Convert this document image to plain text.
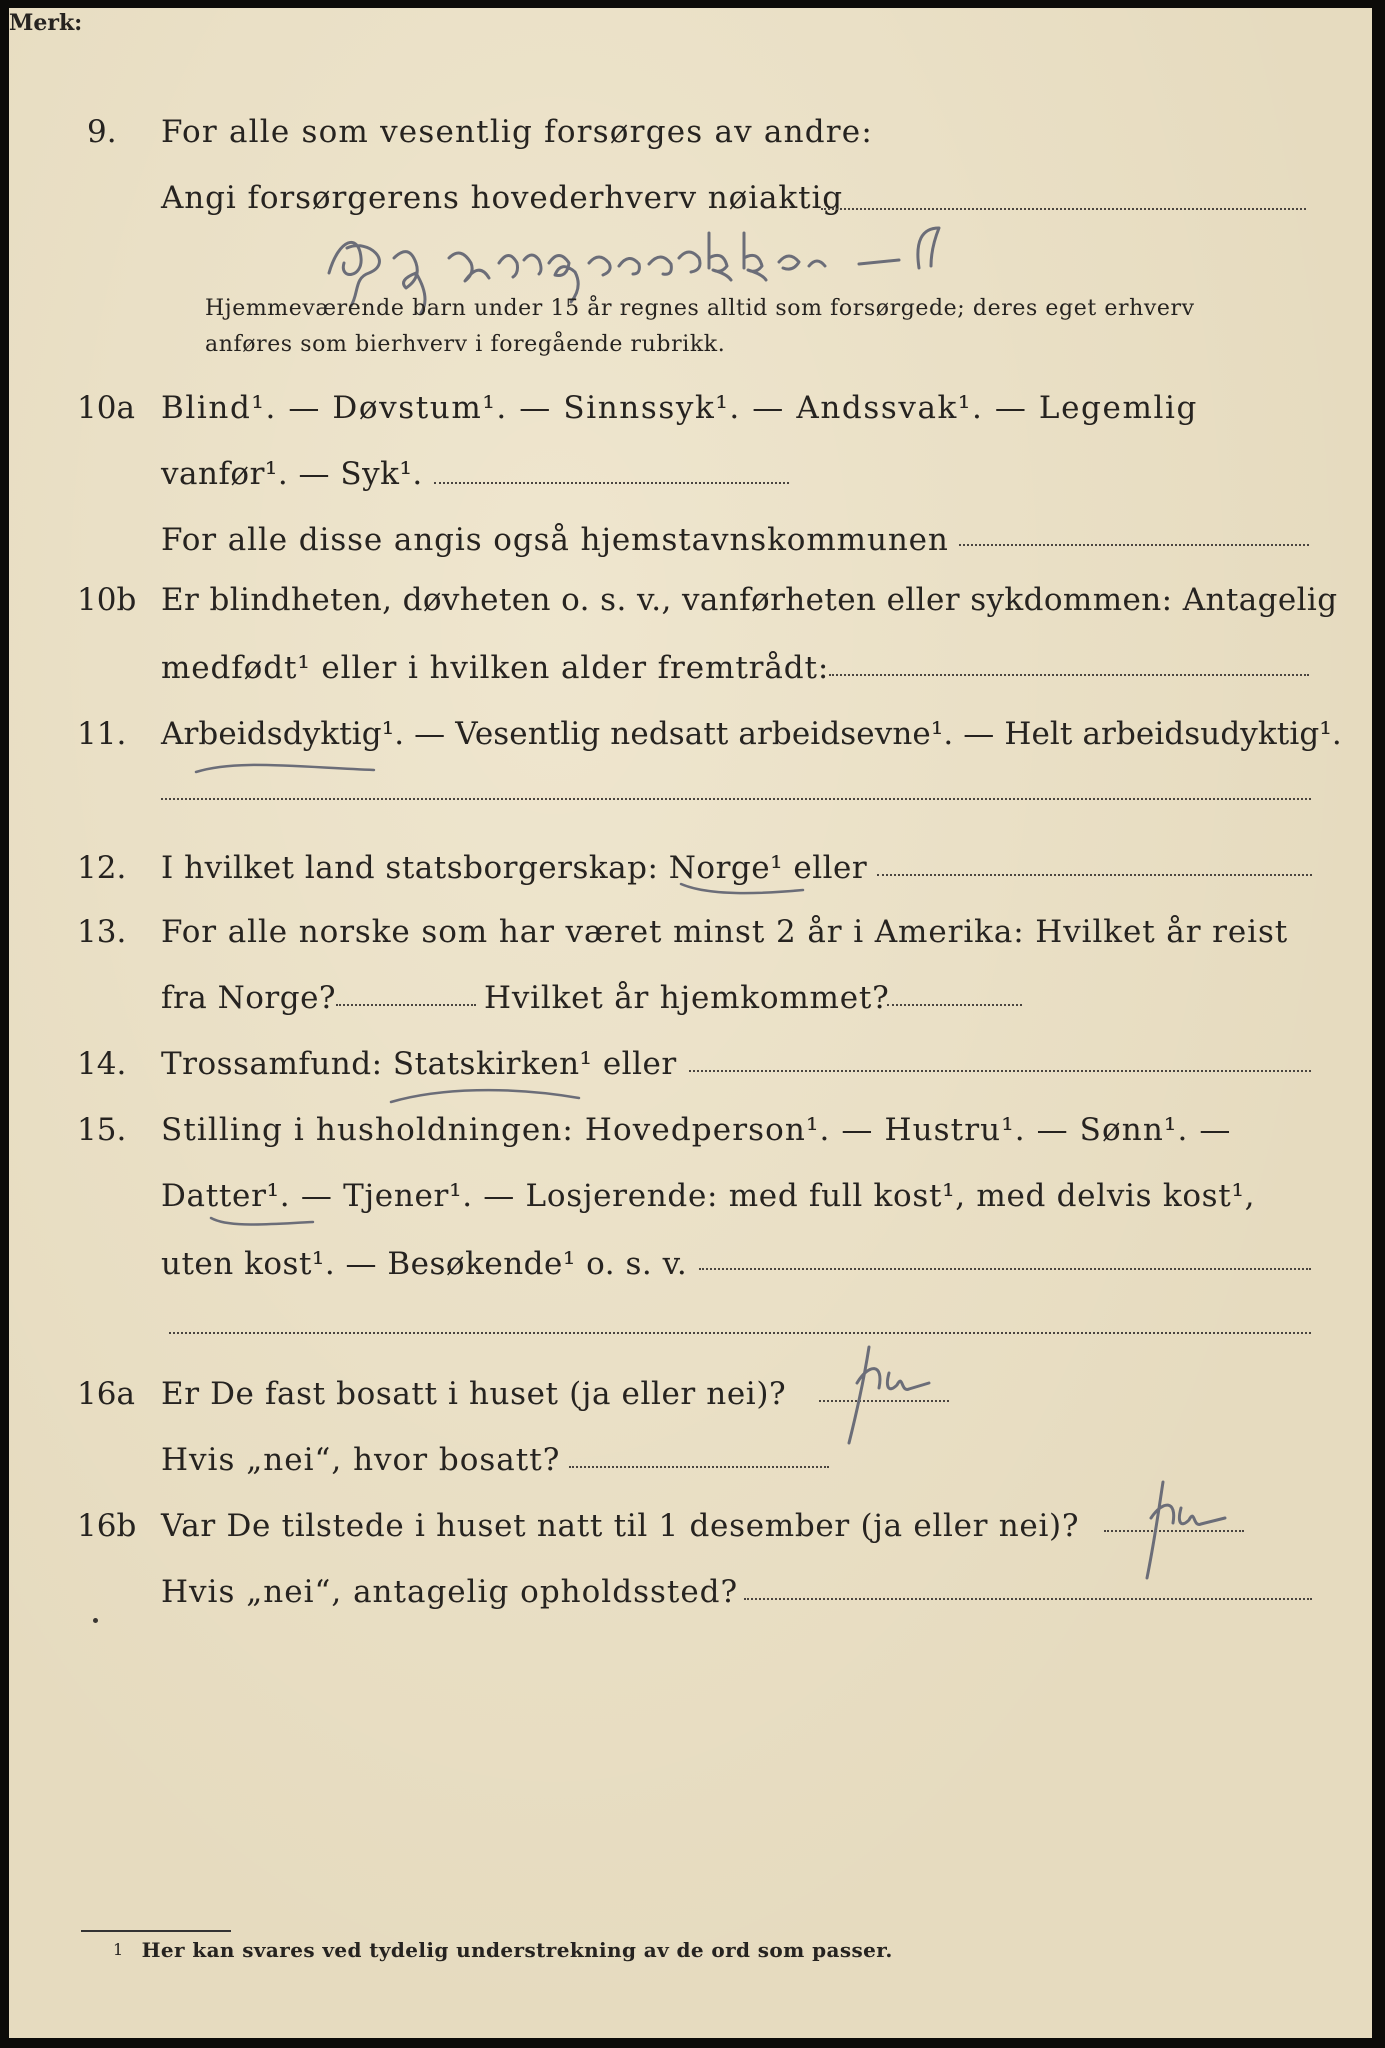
9. For alle som vesentlig forsørges av andre:
Angi forsørgerens hovederhverv nøiaktig
Merk:
Hjemmeværende barn under 15 år regnes alltid som forsørgede; deres eget erhverv
anføres som bierhverv i foregående rubrikk.
10a Blind¹. — Døvstum¹. — Sinnssyk¹. — Andssvak¹. — Legemlig
vanfør¹. — Syk¹.
For alle disse angis også hjemstavnskommunen
10b Er blindheten, døvheten o. s. v., vanførheten eller sykdommen: Antagelig
medfødt¹ eller i hvilken alder fremtrådt:
11. Arbeidsdyktig¹. — Vesentlig nedsatt arbeidsevne¹. — Helt arbeidsudyktig¹.
12. I hvilket land statsborgerskap: Norge¹ eller
13. For alle norske som har været minst 2 år i Amerika: Hvilket år reist
fra Norge?	Hvilket år hjemkommet?
14. Trossamfund: Statskirken¹ eller
15. Stilling i husholdningen: Hovedperson¹. — Hustru¹. — Sønn¹. —
Datter¹. — Tjener¹. — Losjerende: med full kost¹, med delvis kost¹,
uten kost¹. — Besøkende¹ o. s. v.
16a Er De fast bosatt i huset (ja eller nei)?
Hvis „nei“, hvor bosatt?
16b Var De tilstede i huset natt til 1 desember (ja eller nei)?
Hvis „nei“, antagelig opholdssted?
1 Her kan svares ved tydelig understrekning av de ord som passer.
